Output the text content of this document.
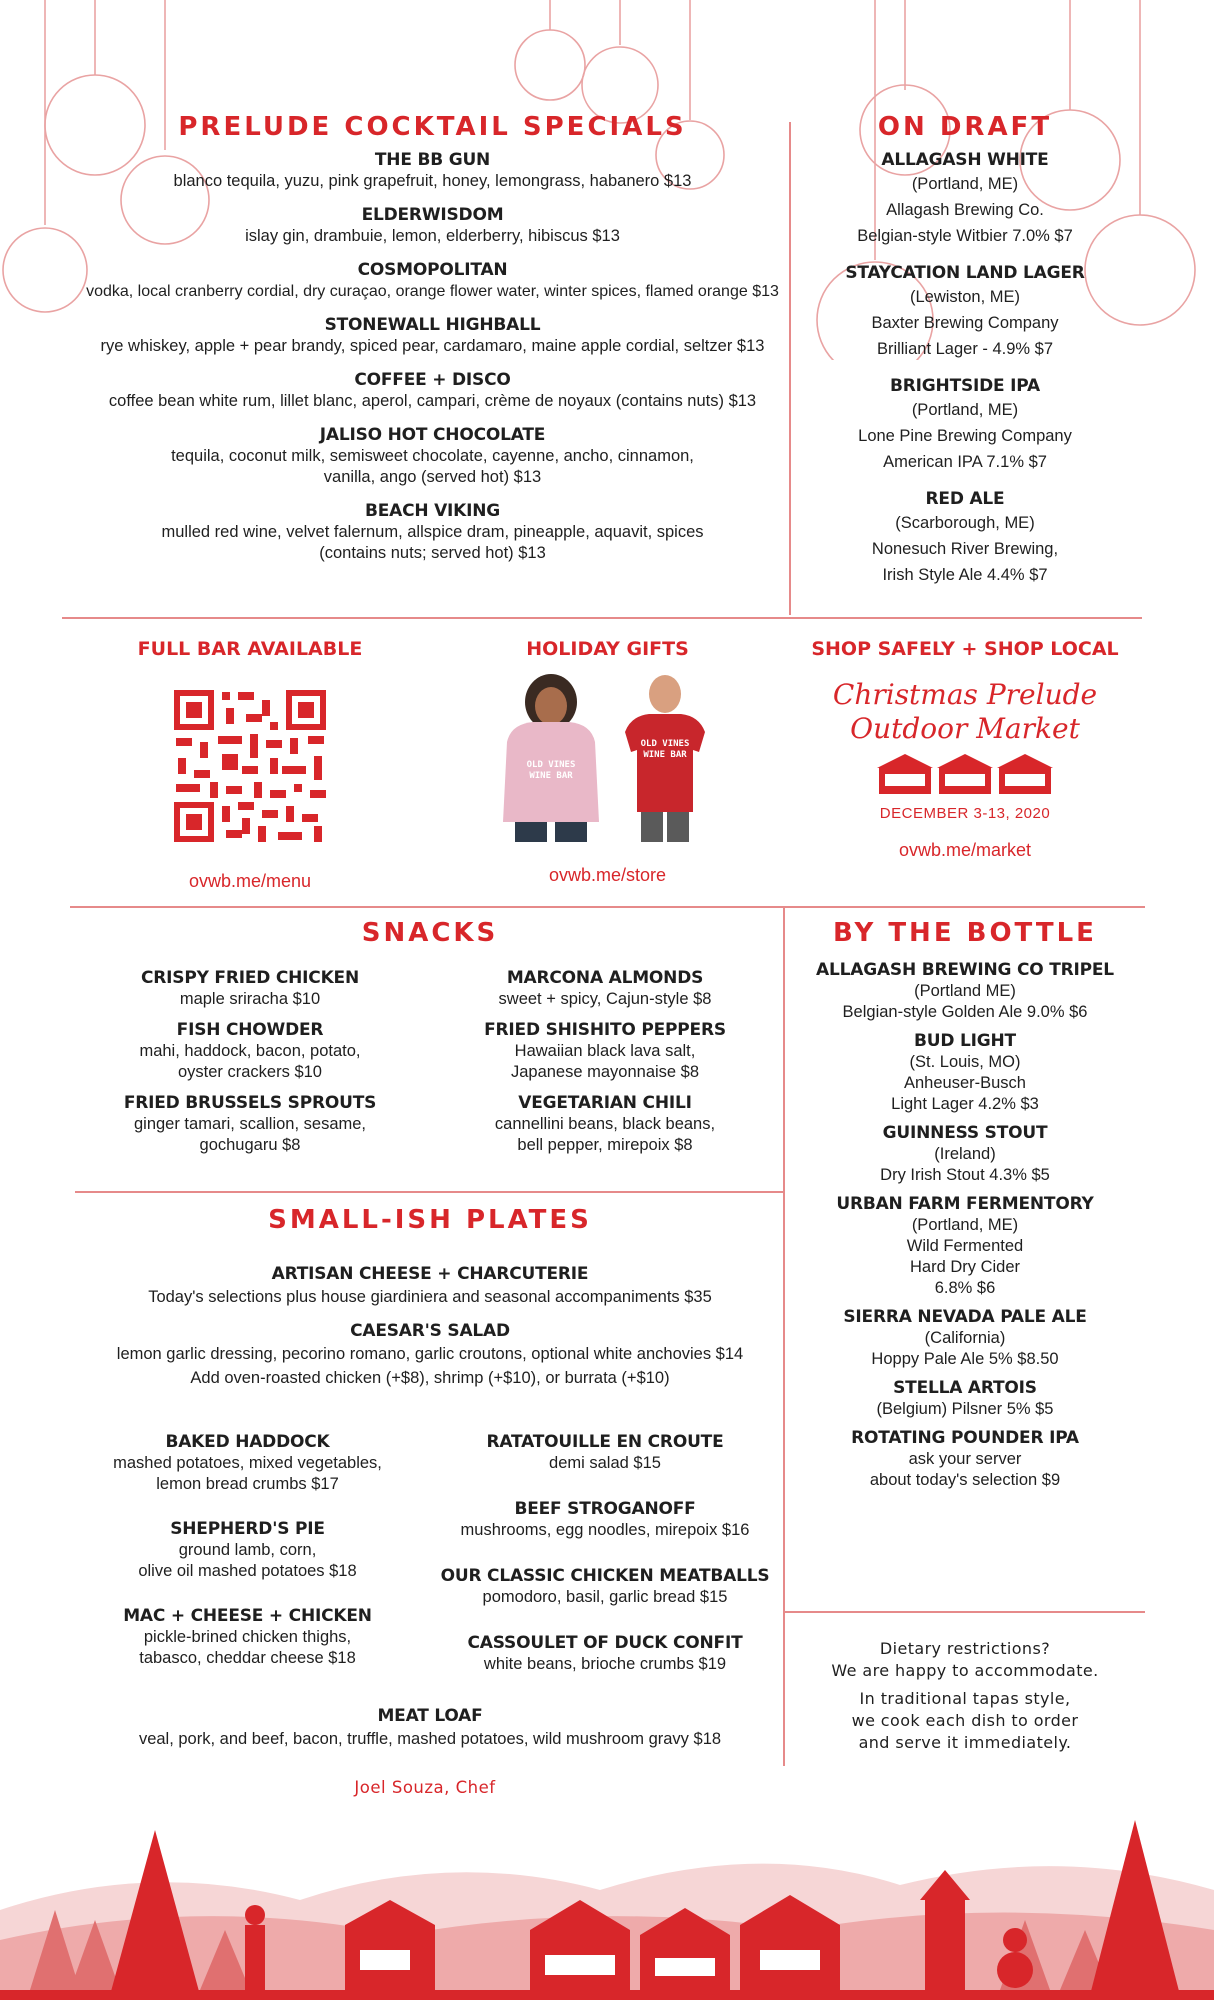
PRELUDE COCKTAIL SPECIALS
THE BB GUN
blanco tequila, yuzu, pink grapefruit, honey, lemongrass, habanero $13
ELDERWISDOM
islay gin, drambuie, lemon, elderberry, hibiscus $13
COSMOPOLITAN
vodka, local cranberry cordial, dry curaçao, orange flower water, winter spices, flamed orange $13
STONEWALL HIGHBALL
rye whiskey, apple + pear brandy, spiced pear, cardamaro, maine apple cordial, seltzer $13
COFFEE + DISCO
coffee bean white rum, lillet blanc, aperol, campari, crème de noyaux (contains nuts) $13
JALISO HOT CHOCOLATE
tequila, coconut milk, semisweet chocolate, cayenne, ancho, cinnamon,
vanilla, ango (served hot) $13
BEACH VIKING
mulled red wine, velvet falernum, allspice dram, pineapple, aquavit, spices
(contains nuts; served hot) $13
ON DRAFT
ALLAGASH WHITE
(Portland, ME)
Allagash Brewing Co.
Belgian-style Witbier 7.0% $7
STAYCATION LAND LAGER
(Lewiston, ME)
Baxter Brewing Company
Brilliant Lager - 4.9% $7
BRIGHTSIDE IPA
(Portland, ME)
Lone Pine Brewing Company
American IPA 7.1% $7
RED ALE
(Scarborough, ME)
Nonesuch River Brewing,
Irish Style Ale 4.4% $7
FULL BAR AVAILABLE
ovwb.me/menu
HOLIDAY GIFTS
OLD VINES
WINE BAR
OLD VINES
WINE BAR
ovwb.me/store
SHOP SAFELY + SHOP LOCAL
Christmas Prelude
Outdoor Market
DECEMBER 3-13, 2020
ovwb.me/market
SNACKS
CRISPY FRIED CHICKEN
maple sriracha $10
FISH CHOWDER
mahi, haddock, bacon, potato,
oyster crackers $10
FRIED BRUSSELS SPROUTS
ginger tamari, scallion, sesame,
gochugaru $8
MARCONA ALMONDS
sweet + spicy, Cajun-style $8
FRIED SHISHITO PEPPERS
Hawaiian black lava salt,
Japanese mayonnaise $8
VEGETARIAN CHILI
cannellini beans, black beans,
bell pepper, mirepoix $8
SMALL-ISH PLATES
ARTISAN CHEESE + CHARCUTERIE
Today's selections plus house giardiniera and seasonal accompaniments $35
CAESAR'S SALAD
lemon garlic dressing, pecorino romano, garlic croutons, optional white anchovies $14
Add oven-roasted chicken (+$8), shrimp (+$10), or burrata (+$10)
BAKED HADDOCK
mashed potatoes, mixed vegetables,
lemon bread crumbs $17
SHEPHERD'S PIE
ground lamb, corn,
olive oil mashed potatoes $18
MAC + CHEESE + CHICKEN
pickle-brined chicken thighs,
tabasco, cheddar cheese $18
RATATOUILLE EN CROUTE
demi salad $15
BEEF STROGANOFF
mushrooms, egg noodles, mirepoix $16
OUR CLASSIC CHICKEN MEATBALLS
pomodoro, basil, garlic bread $15
CASSOULET OF DUCK CONFIT
white beans, brioche crumbs $19
MEAT LOAF
veal, pork, and beef, bacon, truffle, mashed potatoes, wild mushroom gravy $18
Joel Souza, Chef
BY THE BOTTLE
ALLAGASH BREWING CO TRIPEL
(Portland ME)
Belgian-style Golden Ale 9.0% $6
BUD LIGHT
(St. Louis, MO)
Anheuser-Busch
Light Lager 4.2% $3
GUINNESS STOUT
(Ireland)
Dry Irish Stout 4.3% $5
URBAN FARM FERMENTORY
(Portland, ME)
Wild Fermented
Hard Dry Cider
6.8% $6
SIERRA NEVADA PALE ALE
(California)
Hoppy Pale Ale 5% $8.50
STELLA ARTOIS
(Belgium) Pilsner 5% $5
ROTATING POUNDER IPA
ask your server
about today's selection $9
Dietary restrictions?
We are happy to accommodate.
In traditional tapas style,
we cook each dish to order
and serve it immediately.
